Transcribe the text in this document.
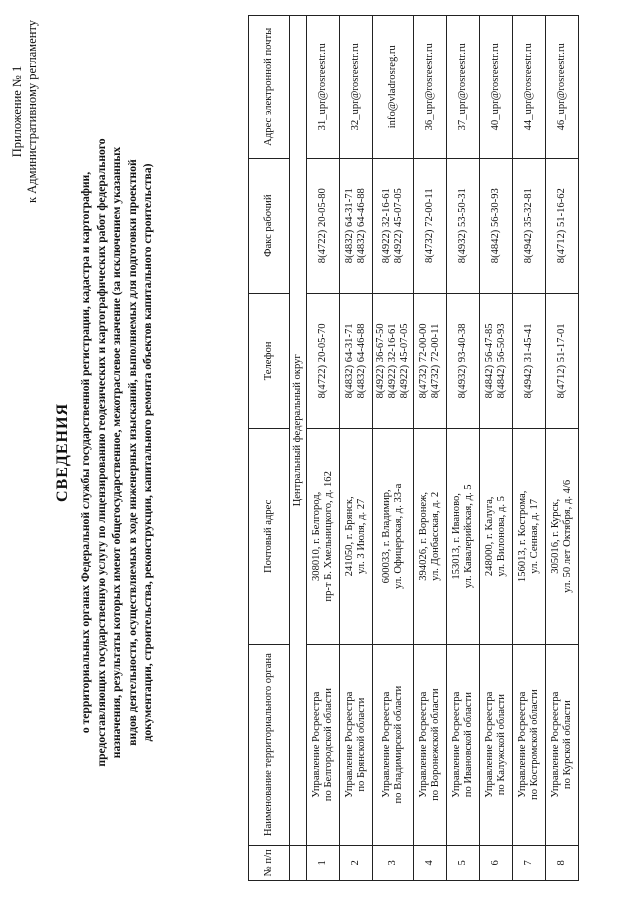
Приложение № 1 к Административному регламенту
СВЕДЕНИЯ о территориальных органах Федеральной службы государственной регистрации, кадастра и картографии, предоставляющих государственную услугу по лицензированию геодезических и картографических работ федерального назначения, результаты которых имеют общегосударственное, межотраслевое значение (за исключением указанных видов деятельности, осуществляемых в ходе инженерных изысканий, выполняемых для подготовки проектной документации, строительства, реконструкции, капитального ремонта объектов капитального строительства)
№ п/п	Наименование территориального органа	Почтовый адрес	Телефон	Факс рабочий	Адрес электронной почты
	Центральный федеральный округ				
1	Управление Росреестра по Белгородской области	308010, г. Белгород, пр-т Б. Хмельницкого, д. 162	8(4722) 20-05-70	8(4722) 20-05-80	31_upr@rosreestr.ru
2	Управление Росреестра по Брянской области	241050, г. Брянск, ул. 3 Июля, д. 27	8(4832) 64-31-71 8(4832) 64-46-88	8(4832) 64-31-71 8(4832) 64-46-88	32_upr@rosreestr.ru
3	Управление Росреестра по Владимирской области	600033, г. Владимир, ул. Офицерская, д. 33-а	8(4922) 36-67-50 8(4922) 32-16-61 8(4922) 45-07-05	8(4922) 32-16-61 8(4922) 45-07-05	info@vladrosreg.ru
4	Управление Росреестра по Воронежской области	394026, г. Воронеж, ул. Донбасская, д. 2	8(4732) 72-00-00 8(4732) 72-00-11	8(4732) 72-00-11	36_upr@rosreestr.ru
5	Управление Росреестра по Ивановской области	153013, г. Иваново, ул. Кавалерийская, д. 5	8(4932) 93-40-38	8(4932) 53-50-31	37_upr@rosreestr.ru
6	Управление Росреестра по Калужской области	248000, г. Калуга, ул. Вилонова, д. 5	8(4842) 56-47-85 8(4842) 56-50-93	8(4842) 56-30-93	40_upr@rosreestr.ru
7	Управление Росреестра по Костромской области	156013, г. Кострома, ул. Сенная, д. 17	8(4942) 31-45-41	8(4942) 35-32-81	44_upr@rosreestr.ru
8	Управление Росреестра по Курской области	305016, г. Курск, ул. 50 лет Октября, д. 4/6	8(4712) 51-17-01	8(4712) 51-16-62	46_upr@rosreestr.ru
